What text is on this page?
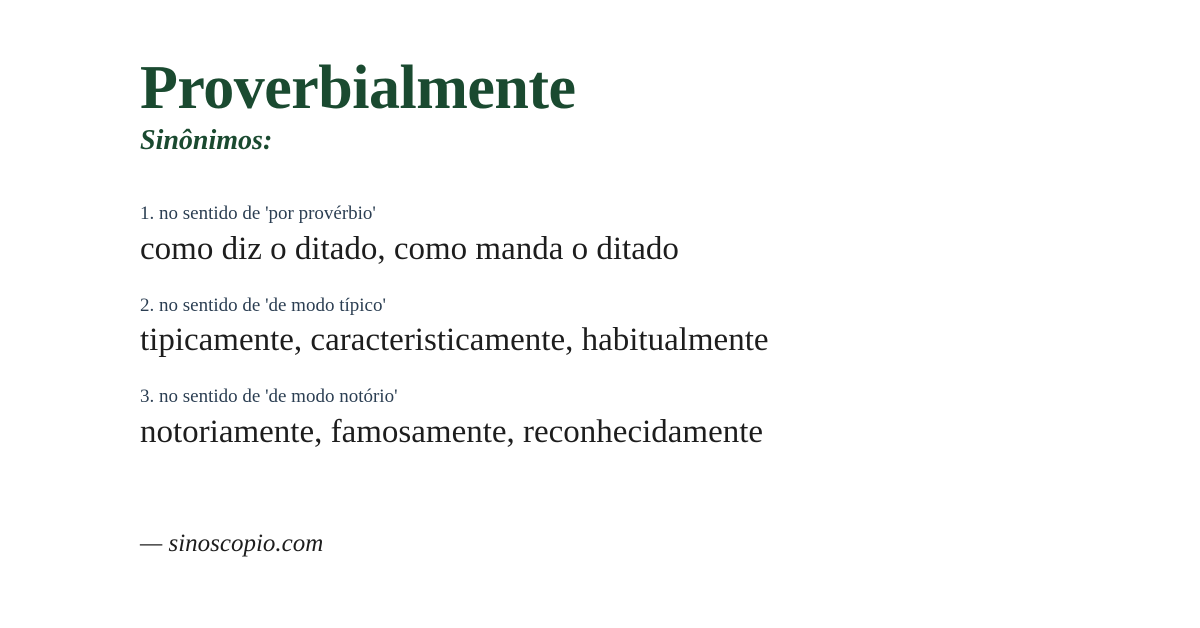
Proverbialmente
Sinônimos:
1. no sentido de 'por provérbio'
como diz o ditado, como manda o ditado
2. no sentido de 'de modo típico'
tipicamente, caracteristicamente, habitualmente
3. no sentido de 'de modo notório'
notoriamente, famosamente, reconhecidamente
— sinoscopio.com
